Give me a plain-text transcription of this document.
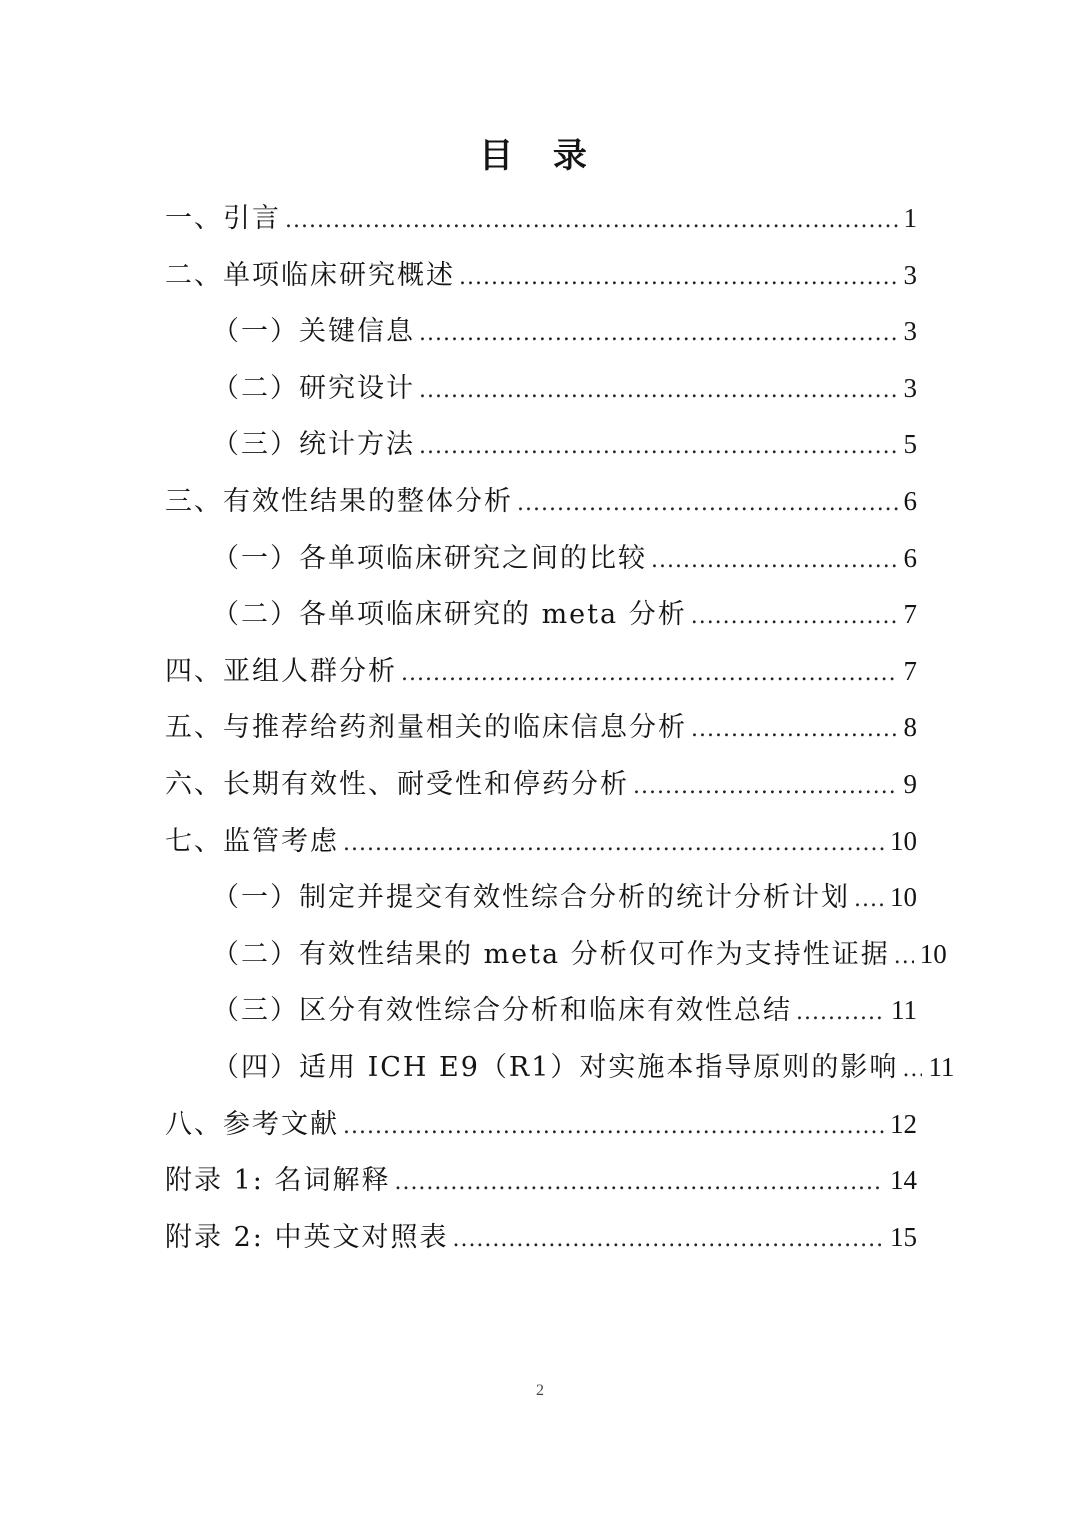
目 录
一、引言 .....	1
二、单项临床研究概述 .....	3
（一）关键信息 .....	3
（二）研究设计 .....	3
（三）统计方法 .....	5
三、有效性结果的整体分析 .....	6
（一）各单项临床研究之间的比较 .....	6
（二）各单项临床研究的 meta 分析 .....	7
四、亚组人群分析 .....	7
五、与推荐给药剂量相关的临床信息分析 .....	8
六、长期有效性、耐受性和停药分析 .....	9
七、监管考虑 .....	10
（一）制定并提交有效性综合分析的统计分析计划 ..... 10
（二）有效性结果的 meta 分析仅可作为支持性证据 ..... 10
（三）区分有效性综合分析和临床有效性总结 .....	11
（四）适用 ICH E9（R1）对实施本指导原则的影响 ..... 11
八、参考文献 .....	12
附录 1: 名词解释 .....	14
附录 2: 中英文对照表 .....	15
2
